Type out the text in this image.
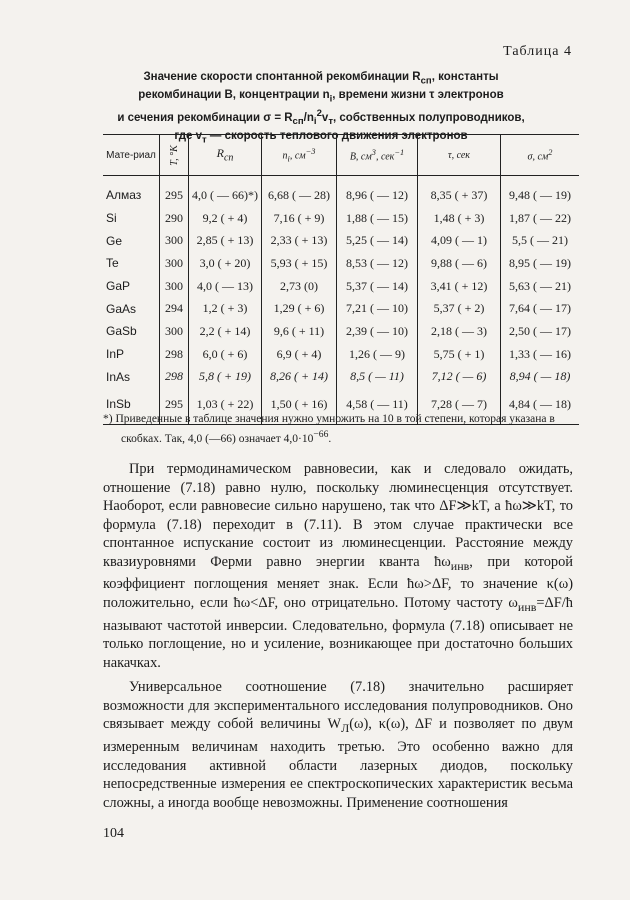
Таблица 4
Значение скорости спонтанной рекомбинации $R_{сп}$, константы
рекомбинации B, концентрации $n_i$, времени жизни τ электронов
и сечения рекомбинации $\sigma = R_{сп}/n_i^2v_т$, собственных полупроводников,
где $v_т$ — скорость теплового движения электронов
Мате-риал	T, °K	$R_{сп}$	$n_i$, $см^{-3}$	B, $см^3$, сек$^{-1}$	τ, сек	σ, $см^2$
Алмаз	295	4,0 ( — 66)*)	6,68 ( — 28)	8,96 ( — 12)	8,35 ( + 37)	9,48 ( — 19)
Si	290	9,2 ( + 4)	7,16 ( + 9)	1,88 ( — 15)	1,48 ( + 3)	1,87 ( — 22)
Ge	300	2,85 ( + 13)	2,33 ( + 13)	5,25 ( — 14)	4,09 ( — 1)	5,5 ( — 21)
Te	300	3,0 ( + 20)	5,93 ( + 15)	8,53 ( — 12)	9,88 ( — 6)	8,95 ( — 19)
GaP	300	4,0 ( — 13)	2,73 (0)	5,37 ( — 14)	3,41 ( + 12)	5,63 ( — 21)
GaAs	294	1,2 ( + 3)	1,29 ( + 6)	7,21 ( — 10)	5,37 ( + 2)	7,64 ( — 17)
GaSb	300	2,2 ( + 14)	9,6 ( + 11)	2,39 ( — 10)	2,18 ( — 3)	2,50 ( — 17)
InP	298	6,0 ( + 6)	6,9 ( + 4)	1,26 ( — 9)	5,75 ( + 1)	1,33 ( — 16)
InAs	298	5,8 ( + 19)	8,26 ( + 14)	8,5 ( — 11)	7,12 ( — 6)	8,94 ( — 18)
InSb	295	1,03 ( + 22)	1,50 ( + 16)	4,58 ( — 11)	7,28 ( — 7)	4,84 ( — 18)
*) Приведенные в таблице значения нужно умножить на 10 в той степени, которая указана в скобках. Так, 4,0 (—66) означает $4,0\cdot 10^{-66}$.

При термодинамическом равновесии, как и следовало ожидать, отношение (7.18) равно нулю, поскольку люминесценция отсутствует. Наоборот, если равновесие сильно нарушено, так что ΔF≫kT, а ħω≫kT, то формула (7.18) переходит в (7.11). В этом случае практически все спонтанное испускание состоит из люминесценции. Расстояние между квазиуровнями Ферми равно энергии кванта $ħ\omega_{инв}$, при которой коэффициент поглощения меняет знак. Если ħω>ΔF, то значение κ(ω) положительно, если ħω<ΔF, оно отрицательно. Потому частоту $\omega_{инв}=\Delta F/ħ$ называют частотой инверсии. Следовательно, формула (7.18) описывает не только поглощение, но и усиление, возникающее при достаточно больших накачках.

Универсальное соотношение (7.18) значительно расширяет возможности для экспериментального исследования полупроводников. Оно связывает между собой величины $W_Л(\omega)$, κ(ω), ΔF и позволяет по двум измеренным величинам находить третью. Это особенно важно для исследования активной области лазерных диодов, поскольку непосредственные измерения ее спектроскопических характеристик весьма сложны, а иногда вообще невозможны. Применение соотношения

104
